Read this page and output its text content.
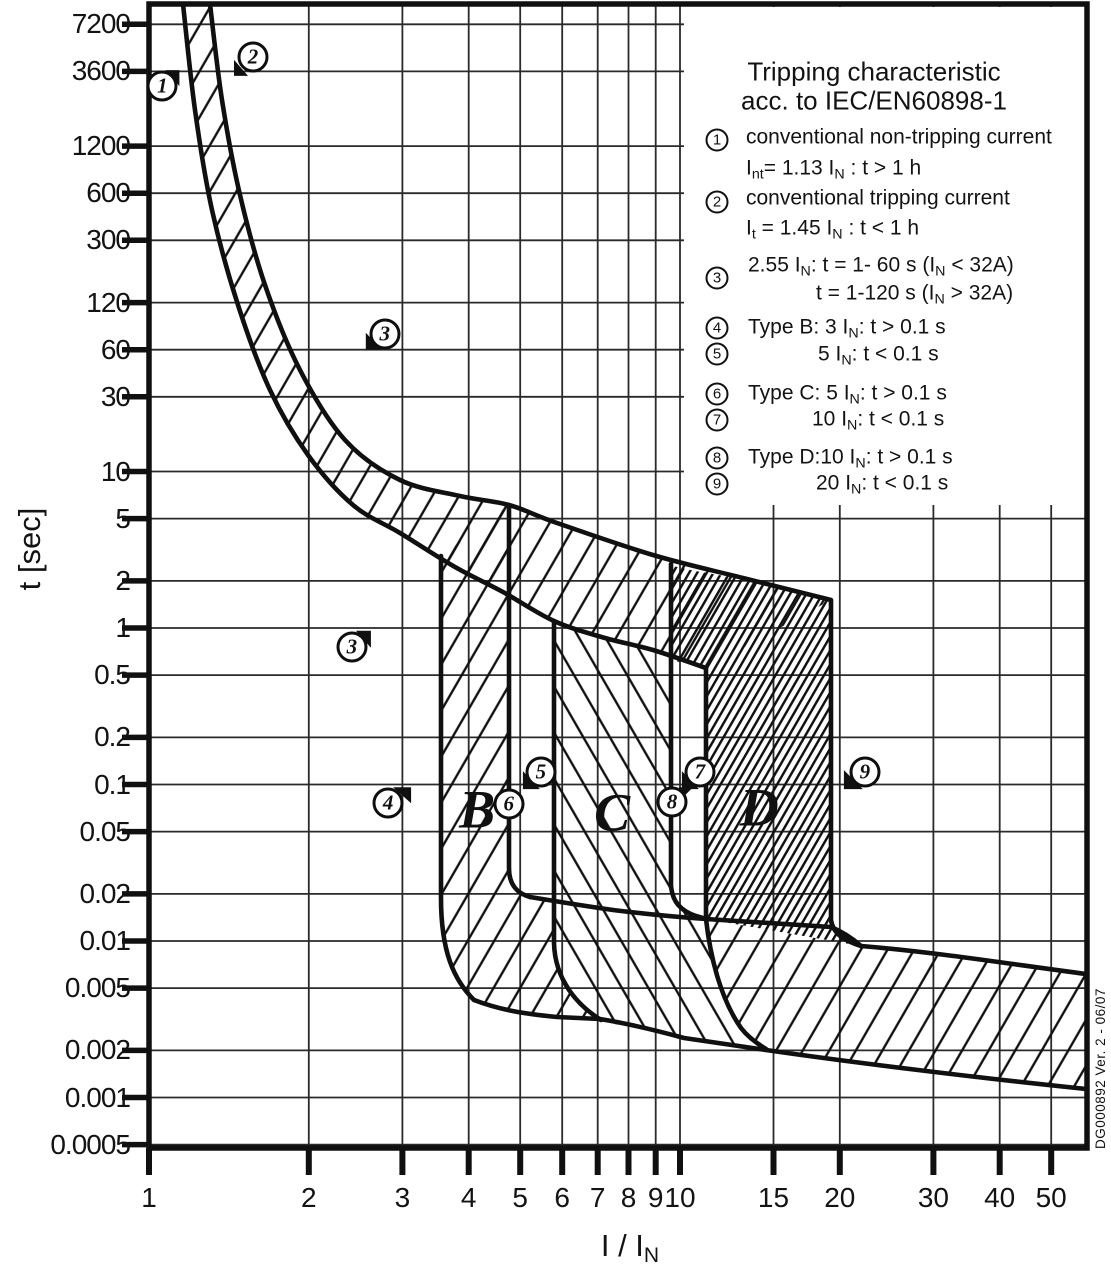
7200
3600
1200
600
300
120
60
30
10
5
2
1
0.5
0.2
0.1
0.05
0.02
0.01
0.005
0.002
0.001
0.0005
1	2	3	4	5 6 7 8 9 10	15	20	30	40 50
1	conventional non-tripping current
$I_{nt}= 1.13$ $I_N$ : t > 1 h
2	conventional tripping current
$I_t = 1.45$ $I_N$ : t < 1 h
3
2.55 $I_N$: t = 1- 60 s $(I_N < 32A)$
t = 1-120 s $(I_N > 32A)$
4	Type B: 3 $I_N$: t > 0.1 s
5	5 $I_N$: t < 0.1 s
6	Type C: 5 $I_N$: t > 0.1 s
7	10 $I_N$: t < 0.1 s
8	Type D:10 $I_N$: t > 0.1 s
9	20 $I_N$: t < 0.1 s
1
2
3
3
4
5
6
7
8
9
B C D
t [sec]
I / $I_N$
Tripping characteristic
acc. to IEC/EN60898-1
DG000892 Ver. 2 - 06/07
